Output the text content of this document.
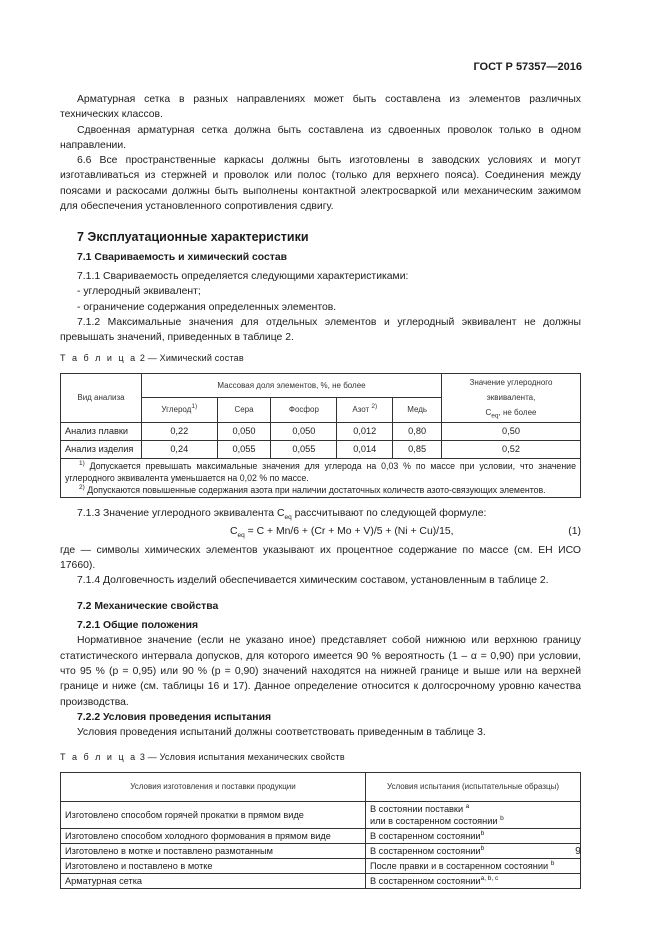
ГОСТ Р 57357—2016

Арматурная сетка в разных направлениях может быть составлена из элементов различных технических классов.

Сдвоенная арматурная сетка должна быть составлена из сдвоенных проволок только в одном направлении.

6.6 Все пространственные каркасы должны быть изготовлены в заводских условиях и могут изготавливаться из стержней и проволок или полос (только для верхнего пояса). Соединения между поясами и раскосами должны быть выполнены контактной электросваркой или механическим зажимом для обеспечения установленного сопротивления сдвигу.

7 Эксплуатационные характеристики
7.1 Свариваемость и химический состав

7.1.1 Свариваемость определяется следующими характеристиками:

- углеродный эквивалент;

- ограничение содержания определенных элементов.

7.1.2 Максимальные значения для отдельных элементов и углеродный эквивалент не должны превышать значений, приведенных в таблице 2.

Т а б л и ц а 2 — Химический состав
Вид анализа	Массовая доля элементов, %, не более					Значение углеродного эквивалента,
$C_{eq}$, не более
	Углерод$^{1)}$	Сера	Фосфор	Азот $^{2)}$	Медь	
Анализ плавки	0,22	0,050	0,050	0,012	0,80	0,50
Анализ изделия	0,24	0,055	0,055	0,014	0,85	0,52

$^{1)}$ Допускается превышать максимальные значения для углерода на 0,03 % по массе при условии, что значение углеродного эквивалента уменьшается на 0,02 % по массе.
$^{2)}$ Допускаются повышенные содержания азота при наличии достаточных количеств азото-связующих элементов.						

7.1.3 Значение углеродного эквивалента $C_{eq}$ рассчитывают по следующей формуле:

$C_{eq} = C + Mn/6 + (Cr + Mo + V)/5 + (Ni + Cu)/15$,	(1)

где — символы химических элементов указывают их процентное содержание по массе (см. ЕН ИСО 17660).

7.1.4 Долговечность изделий обеспечивается химическим составом, установленным в таблице 2.

7.2 Механические свойства
7.2.1 Общие положения

Нормативное значение (если не указано иное) представляет собой нижнюю или верхнюю границу статистического интервала допусков, для которого имеется 90 % вероятность (1 – α = 0,90) при условии, что 95 % (p = 0,95) или 90 % (p = 0,90) значений находятся на нижней границе и выше или на верхней границе и ниже (см. таблицы 16 и 17). Данное определение относится к долгосрочному уровню качества производства.

7.2.2 Условия проведения испытания

Условия проведения испытаний должны соответствовать приведенным в таблице 3.

Т а б л и ц а 3 — Условия испытания механических свойств
Условия изготовления и поставки продукции	Условия испытания (испытательные образцы)
Изготовлено способом горячей прокатки в прямом виде	В состоянии поставки $^a$
или в состаренном состоянии $^b$
Изготовлено способом холодного формования в прямом виде	В состаренном состоянии$^b$
Изготовлено в мотке и поставлено размотанным	В состаренном состоянии$^b$
Изготовлено и поставлено в мотке	После правки и в состаренном состоянии $^b$
Арматурная сетка	В состаренном состоянии$^{a, b, c}$
9
